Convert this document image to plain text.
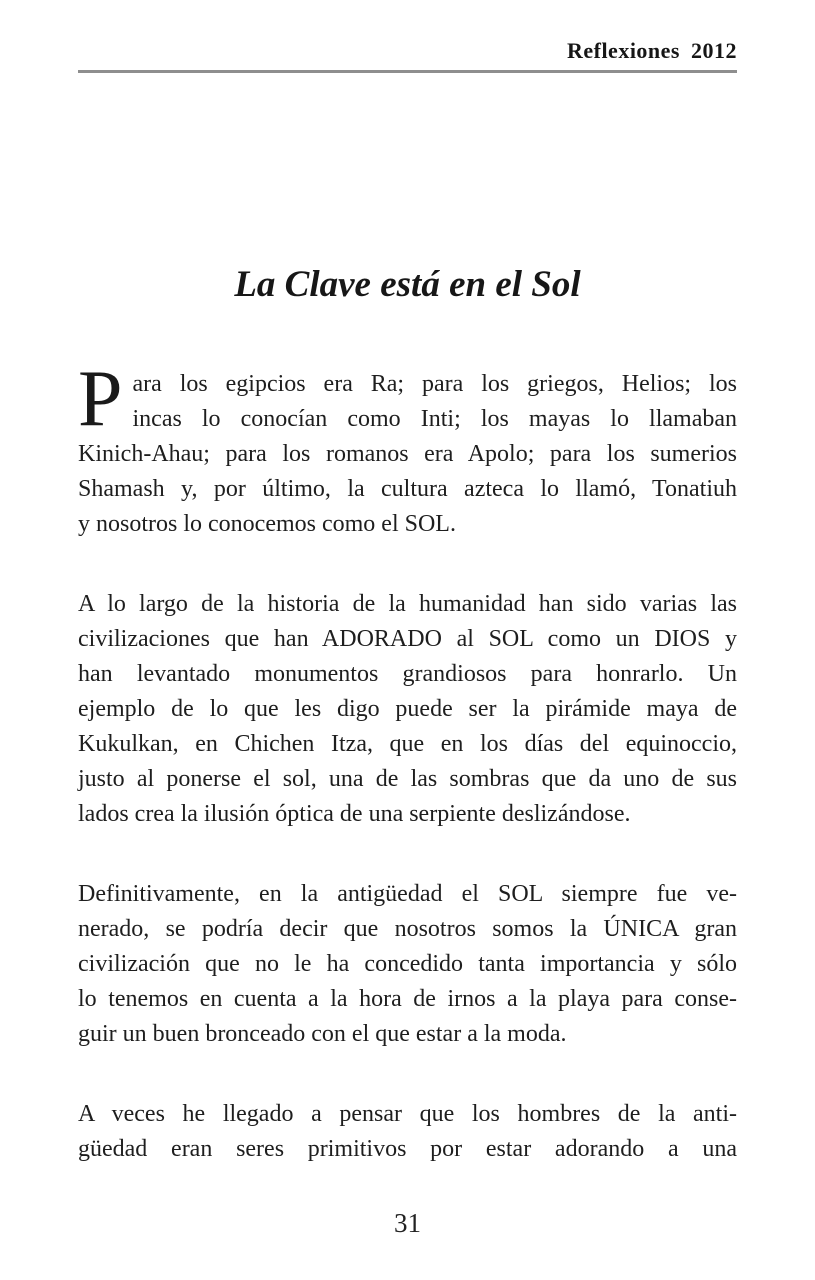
Reflexiones 2012
La Clave está en el Sol
P ara los egipcios era Ra; para los griegos, Helios; los
incas lo conocían como Inti; los mayas lo llamaban
Kinich-Ahau; para los romanos era Apolo; para los sumerios
Shamash y, por último, la cultura azteca lo llamó, Tonatiuh
y nosotros lo conocemos como el SOL.
A lo largo de la historia de la humanidad han sido varias las
civilizaciones que han ADORADO al SOL como un DIOS y
han levantado monumentos grandiosos para honrarlo. Un
ejemplo de lo que les digo puede ser la pirámide maya de
Kukulkan, en Chichen Itza, que en los días del equinoccio,
justo al ponerse el sol, una de las sombras que da uno de sus
lados crea la ilusión óptica de una serpiente deslizándose.
Definitivamente, en la antigüedad el SOL siempre fue ve-
nerado, se podría decir que nosotros somos la ÚNICA gran
civilización que no le ha concedido tanta importancia y sólo
lo tenemos en cuenta a la hora de irnos a la playa para conse-
guir un buen bronceado con el que estar a la moda.
A veces he llegado a pensar que los hombres de la anti-
güedad eran seres primitivos por estar adorando a una
31
